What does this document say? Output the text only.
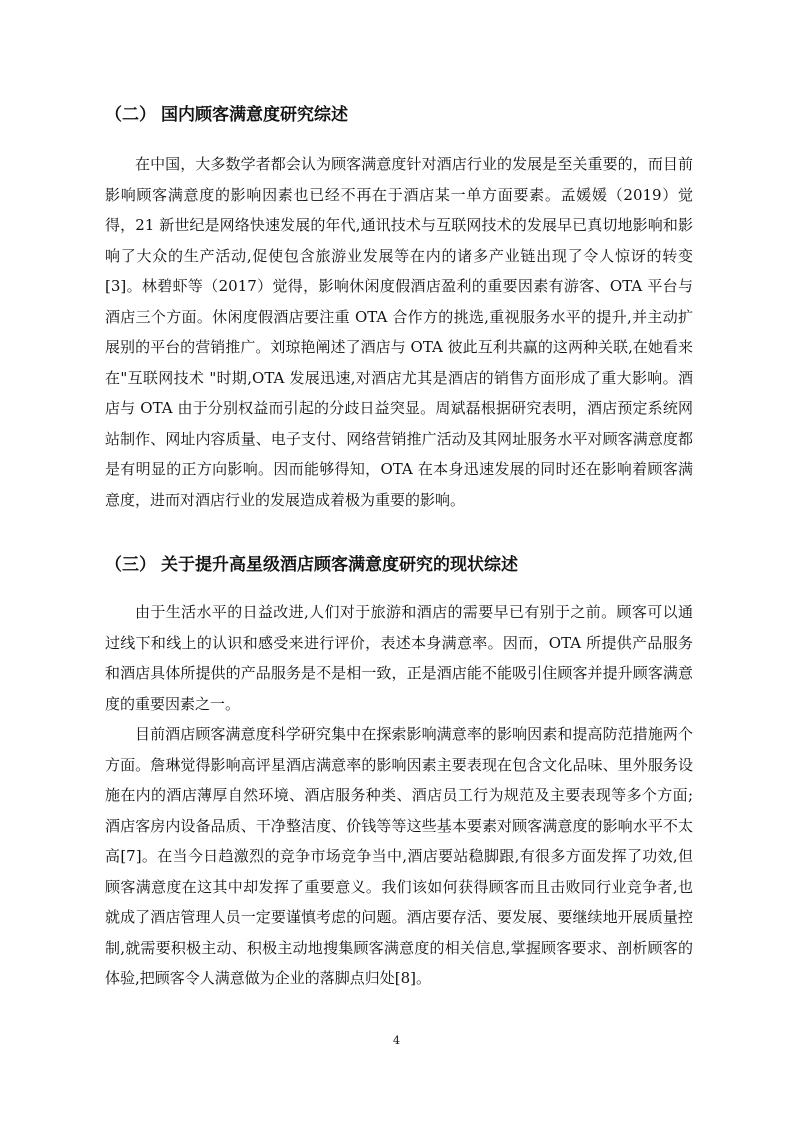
（二） 国内顾客满意度研究综述

在中国，大多数学者都会认为顾客满意度针对酒店行业的发展是至关重要的，而目前影响顾客满意度的影响因素也已经不再在于酒店某一单方面要素。孟媛媛（2019）觉得，21 新世纪是网络快速发展的年代,通讯技术与互联网技术的发展早已真切地影响和影响了大众的生产活动,促使包含旅游业发展等在内的诸多产业链出现了令人惊讶的转变[3]。林碧虾等（2017）觉得，影响休闲度假酒店盈利的重要因素有游客、OTA 平台与酒店三个方面。休闲度假酒店要注重 OTA 合作方的挑选,重视服务水平的提升,并主动扩展别的平台的营销推广。刘琼艳阐述了酒店与 OTA 彼此互利共赢的这两种关联,在她看来在"互联网技术 "时期,OTA 发展迅速,对酒店尤其是酒店的销售方面形成了重大影响。酒店与 OTA 由于分别权益而引起的分歧日益突显。周斌磊根据研究表明，酒店预定系统网站制作、网址内容质量、电子支付、网络营销推广活动及其网址服务水平对顾客满意度都是有明显的正方向影响。因而能够得知，OTA 在本身迅速发展的同时还在影响着顾客满意度，进而对酒店行业的发展造成着极为重要的影响。

（三） 关于提升高星级酒店顾客满意度研究的现状综述

由于生活水平的日益改进,人们对于旅游和酒店的需要早已有别于之前。顾客可以通过线下和线上的认识和感受来进行评价，表述本身满意率。因而，OTA 所提供产品服务和酒店具体所提供的产品服务是不是相一致，正是酒店能不能吸引住顾客并提升顾客满意度的重要因素之一。

目前酒店顾客满意度科学研究集中在探索影响满意率的影响因素和提高防范措施两个方面。詹琳觉得影响高评星酒店满意率的影响因素主要表现在包含文化品味、里外服务设施在内的酒店薄厚自然环境、酒店服务种类、酒店员工行为规范及主要表现等多个方面;酒店客房内设备品质、干净整洁度、价钱等等这些基本要素对顾客满意度的影响水平不太高[7]。在当今日趋激烈的竞争市场竞争当中,酒店要站稳脚跟,有很多方面发挥了功效,但顾客满意度在这其中却发挥了重要意义。我们该如何获得顾客而且击败同行业竞争者,也就成了酒店管理人员一定要谨慎考虑的问题。酒店要存活、要发展、要继续地开展质量控制,就需要积极主动、积极主动地搜集顾客满意度的相关信息,掌握顾客要求、剖析顾客的体验,把顾客令人满意做为企业的落脚点归处[8]。

4
